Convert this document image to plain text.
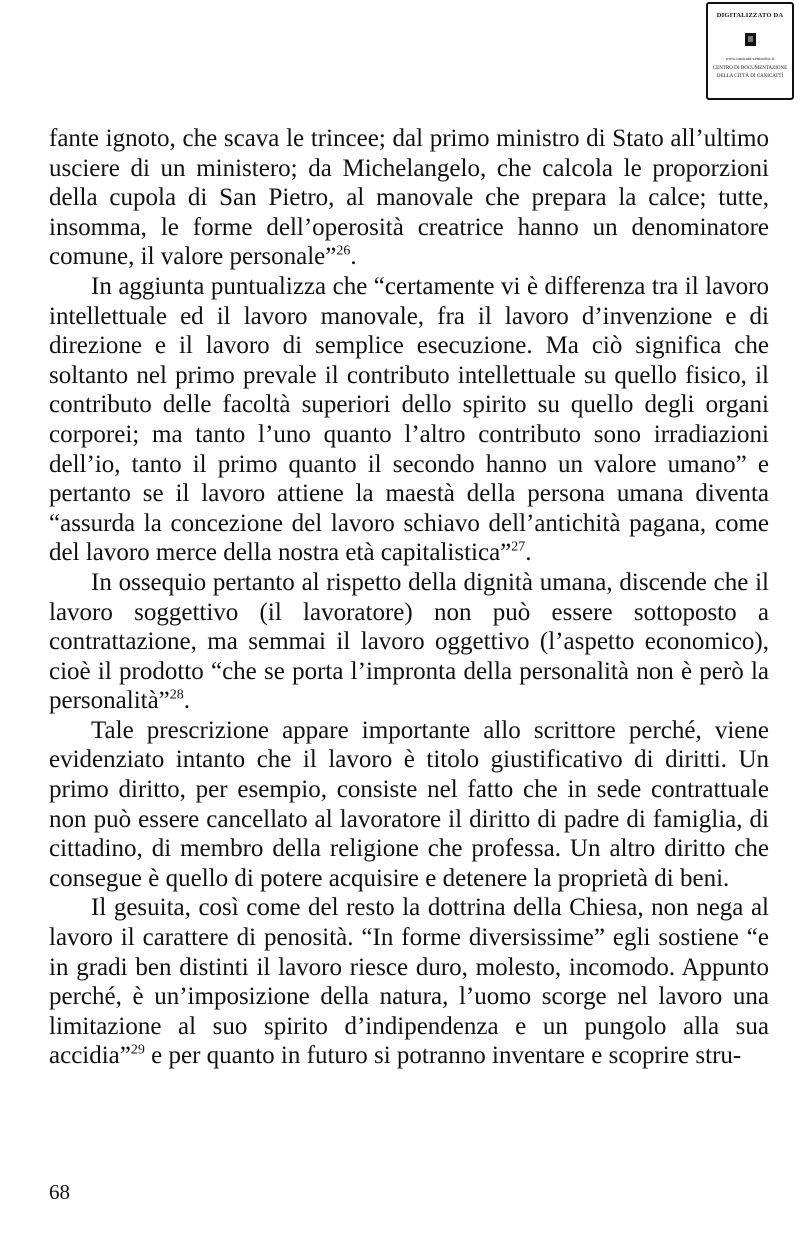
DIGITALIZZATO DA
www.canicatti-centrodoc.it
CENTRO DI DOCUMENTAZIONE
DELLA CITTÀ DI CANICATTÌ

fante ignoto, che scava le trincee; dal primo ministro di Stato all’ultimo usciere di un ministero; da Michelangelo, che calcola le proporzioni della cupola di San Pietro, al manovale che prepara la calce; tutte, insomma, le forme dell’operosità creatrice hanno un denominatore comune, il valore personale”$^{26}$.

In aggiunta puntualizza che “certamente vi è differenza tra il lavoro intellettuale ed il lavoro manovale, fra il lavoro d’invenzione e di direzione e il lavoro di semplice esecuzione. Ma ciò significa che soltanto nel primo prevale il contributo intellettuale su quello fisico, il contributo delle facoltà superiori dello spirito su quello degli organi corporei; ma tanto l’uno quanto l’altro contributo sono irradiazioni dell’io, tanto il primo quanto il secondo hanno un valore umano” e pertanto se il lavoro attiene la maestà della persona umana diventa “assurda la concezione del lavoro schiavo dell’antichità pagana, come del lavoro merce della nostra età capitalistica”$^{27}$.

In ossequio pertanto al rispetto della dignità umana, discende che il lavoro soggettivo (il lavoratore) non può essere sottoposto a contrattazione, ma semmai il lavoro oggettivo (l’aspetto economico), cioè il prodotto “che se porta l’impronta della personalità non è però la personalità”$^{28}$.

Tale prescrizione appare importante allo scrittore perché, viene evidenziato intanto che il lavoro è titolo giustificativo di diritti. Un primo diritto, per esempio, consiste nel fatto che in sede contrattuale non può essere cancellato al lavoratore il diritto di padre di famiglia, di cittadino, di membro della religione che professa. Un altro diritto che consegue è quello di potere acquisire e detenere la proprietà di beni.

Il gesuita, così come del resto la dottrina della Chiesa, non nega al lavoro il carattere di penosità. “In forme diversissime” egli sostiene “e in gradi ben distinti il lavoro riesce duro, molesto, incomodo. Appunto perché, è un’imposizione della natura, l’uomo scorge nel lavoro una limitazione al suo spirito d’indipendenza e un pungolo alla sua accidia”$^{29}$ e per quanto in futuro si potranno inventare e scoprire stru-

68
